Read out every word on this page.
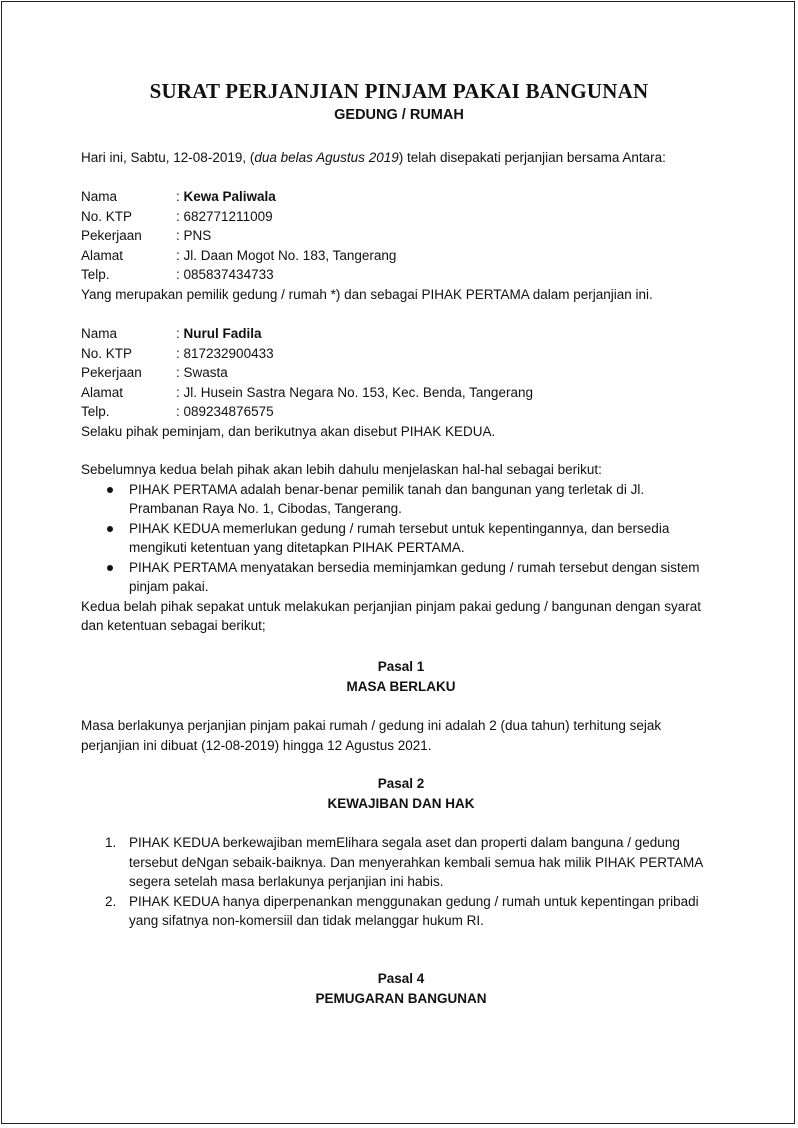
SURAT PERJANJIAN PINJAM PAKAI BANGUNAN
GEDUNG / RUMAH
Hari ini, Sabtu, 12-08-2019, (dua belas Agustus 2019) telah disepakati perjanjian bersama Antara:
Nama	: Kewa Paliwala
No. KTP	: 682771211009
Pekerjaan	: PNS
Alamat	: Jl. Daan Mogot No. 183, Tangerang
Telp.	: 085837434733
Yang merupakan pemilik gedung / rumah *) dan sebagai PIHAK PERTAMA dalam perjanjian ini.
Nama	: Nurul Fadila
No. KTP	: 817232900433
Pekerjaan	: Swasta
Alamat	: Jl. Husein Sastra Negara No. 153, Kec. Benda, Tangerang
Telp.	: 089234876575
Selaku pihak peminjam, dan berikutnya akan disebut PIHAK KEDUA.
Sebelumnya kedua belah pihak akan lebih dahulu menjelaskan hal-hal sebagai berikut:
PIHAK PERTAMA adalah benar-benar pemilik tanah dan bangunan yang terletak di Jl. Prambanan Raya No. 1, Cibodas, Tangerang.
PIHAK KEDUA memerlukan gedung / rumah tersebut untuk kepentingannya, dan bersedia mengikuti ketentuan yang ditetapkan PIHAK PERTAMA.
PIHAK PERTAMA menyatakan bersedia meminjamkan gedung / rumah tersebut dengan sistem pinjam pakai.
Kedua belah pihak sepakat untuk melakukan perjanjian pinjam pakai gedung / bangunan dengan syarat dan ketentuan sebagai berikut;
Pasal 1
MASA BERLAKU
Masa berlakunya perjanjian pinjam pakai rumah / gedung ini adalah 2 (dua tahun) terhitung sejak perjanjian ini dibuat (12-08-2019) hingga 12 Agustus 2021.
Pasal 2
KEWAJIBAN DAN HAK
1. PIHAK KEDUA berkewajiban memElihara segala aset dan properti dalam banguna / gedung tersebut deNgan sebaik-baiknya. Dan menyerahkan kembali semua hak milik PIHAK PERTAMA segera setelah masa berlakunya perjanjian ini habis.
2. PIHAK KEDUA hanya diperpenankan menggunakan gedung / rumah untuk kepentingan pribadi yang sifatnya non-komersiil dan tidak melanggar hukum RI.
Pasal 4
PEMUGARAN BANGUNAN
